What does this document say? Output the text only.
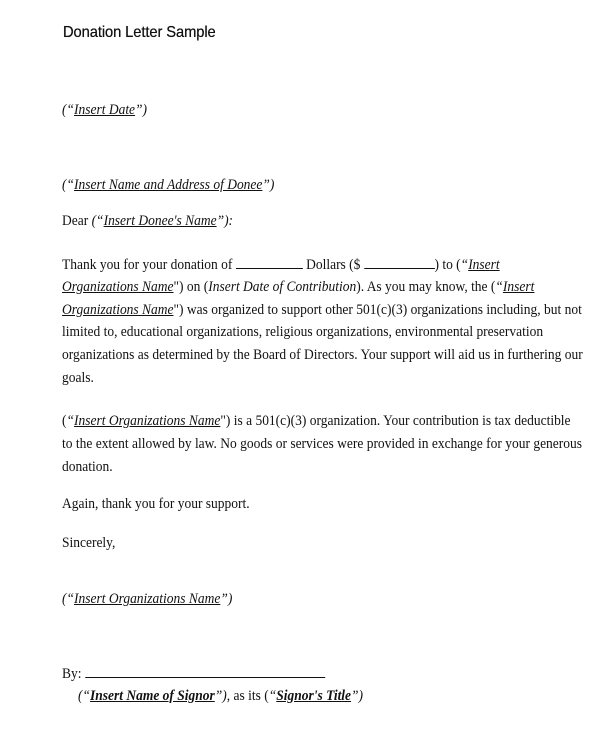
Donation Letter Sample
(“Insert Date”)
(“Insert Name and Address of Donee”)
Dear (“Insert Donee's Name”):
Thank you for your donation of	Dollars ($	) to (“Insert
Organizations Name") on (Insert Date of Contribution). As you may know, the (“Insert
Organizations Name") was organized to support other 501(c)(3) organizations including, but not
limited to, educational organizations, religious organizations, environmental preservation
organizations as determined by the Board of Directors. Your support will aid us in furthering our
goals.
(“Insert Organizations Name") is a 501(c)(3) organization. Your contribution is tax deductible
to the extent allowed by law. No goods or services were provided in exchange for your generous
donation.
Again, thank you for your support.
Sincerely,
(“Insert Organizations Name”)
By:
(“Insert Name of Signor”), as its (“Signor's Title”)
